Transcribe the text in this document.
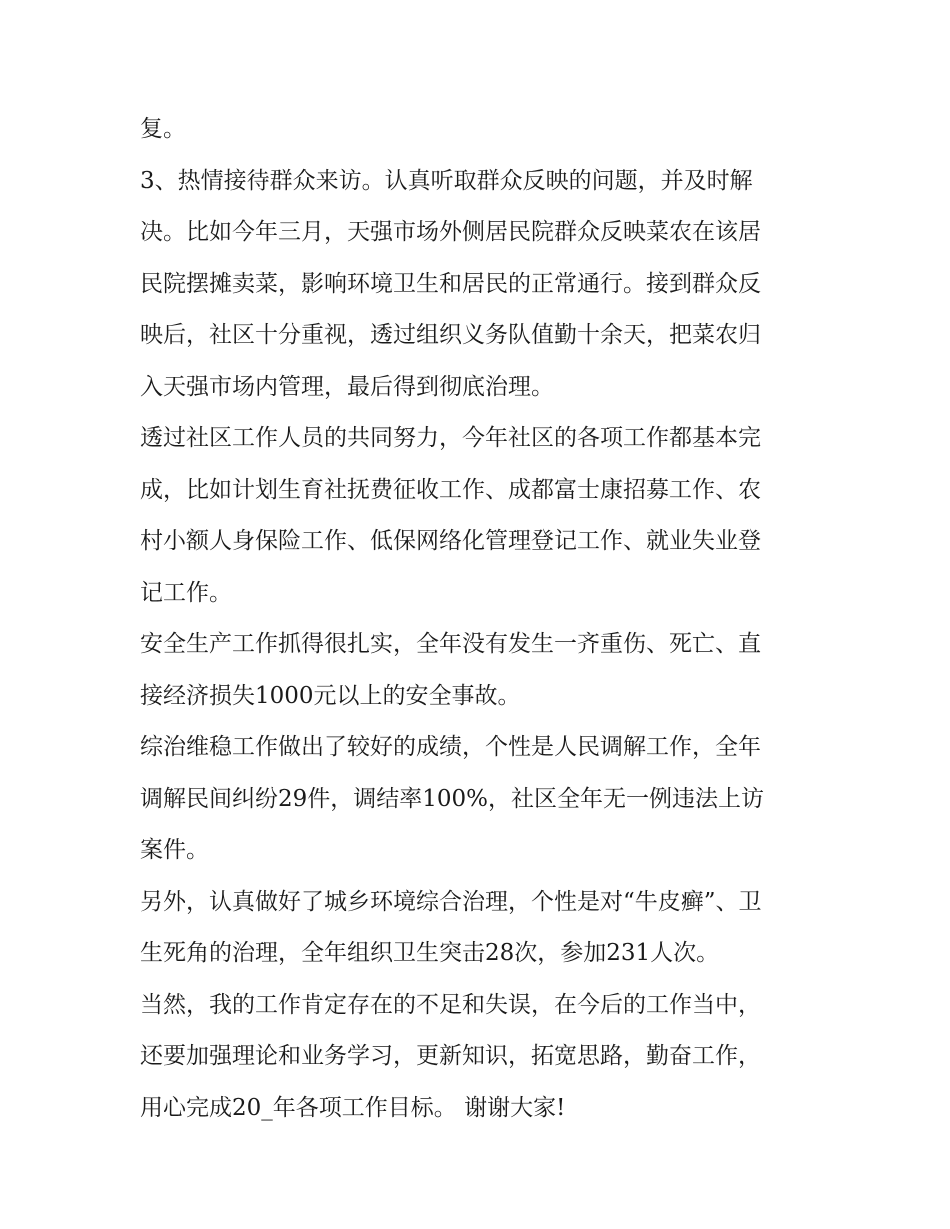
复。
3、热情接待群众来访。认真听取群众反映的问题，并及时解
决。比如今年三月，天强市场外侧居民院群众反映菜农在该居
民院摆摊卖菜，影响环境卫生和居民的正常通行。接到群众反
映后，社区十分重视，透过组织义务队值勤十余天，把菜农归
入天强市场内管理，最后得到彻底治理。
透过社区工作人员的共同努力，今年社区的各项工作都基本完
成，比如计划生育社抚费征收工作、成都富士康招募工作、农
村小额人身保险工作、低保网络化管理登记工作、就业失业登
记工作。
安全生产工作抓得很扎实，全年没有发生一齐重伤、死亡、直
接经济损失1000元以上的安全事故。
综治维稳工作做出了较好的成绩，个性是人民调解工作，全年
调解民间纠纷29件，调结率100%，社区全年无一例违法上访
案件。
另外，认真做好了城乡环境综合治理，个性是对“牛皮癣”、卫
生死角的治理，全年组织卫生突击28次，参加231人次。
当然，我的工作肯定存在的不足和失误，在今后的工作当中，
还要加强理论和业务学习，更新知识，拓宽思路，勤奋工作，
用心完成20_年各项工作目标。 谢谢大家!
